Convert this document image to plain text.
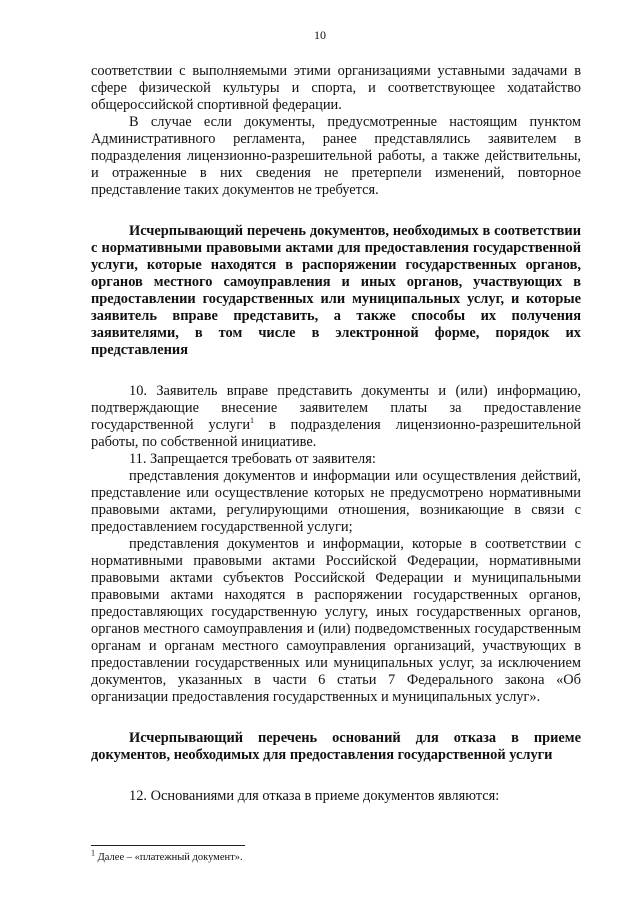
10

соответствии с выполняемыми этими организациями уставными задачами в сфере физической культуры и спорта, и соответствующее ходатайство общероссийской спортивной федерации.

В случае если документы, предусмотренные настоящим пунктом Административного регламента, ранее представлялись заявителем в подразделения лицензионно-разрешительной работы, а также действительны, и отраженные в них сведения не претерпели изменений, повторное представление таких документов не требуется.

Исчерпывающий перечень документов, необходимых в соответствии с нормативными правовыми актами для предоставления государственной услуги, которые находятся в распоряжении государственных органов, органов местного самоуправления и иных органов, участвующих в предоставлении государственных или муниципальных услуг, и которые заявитель вправе представить, а также способы их получения заявителями, в том числе в электронной форме, порядок их представления

10. Заявитель вправе представить документы и (или) информацию, подтверждающие внесение заявителем платы за предоставление государственной услуги$^1$ в подразделения лицензионно-разрешительной работы, по собственной инициативе.

11. Запрещается требовать от заявителя:

представления документов и информации или осуществления действий, представление или осуществление которых не предусмотрено нормативными правовыми актами, регулирующими отношения, возникающие в связи с предоставлением государственной услуги;

представления документов и информации, которые в соответствии с нормативными правовыми актами Российской Федерации, нормативными правовыми актами субъектов Российской Федерации и муниципальными правовыми актами находятся в распоряжении государственных органов, предоставляющих государственную услугу, иных государственных органов, органов местного самоуправления и (или) подведомственных государственным органам и органам местного самоуправления организаций, участвующих в предоставлении государственных или муниципальных услуг, за исключением документов, указанных в части 6 статьи 7 Федерального закона «Об организации предоставления государственных и муниципальных услуг».

Исчерпывающий перечень оснований для отказа в приеме документов, необходимых для предоставления государственной услуги

12. Основаниями для отказа в приеме документов являются:

$^1$ Далее – «платежный документ».
